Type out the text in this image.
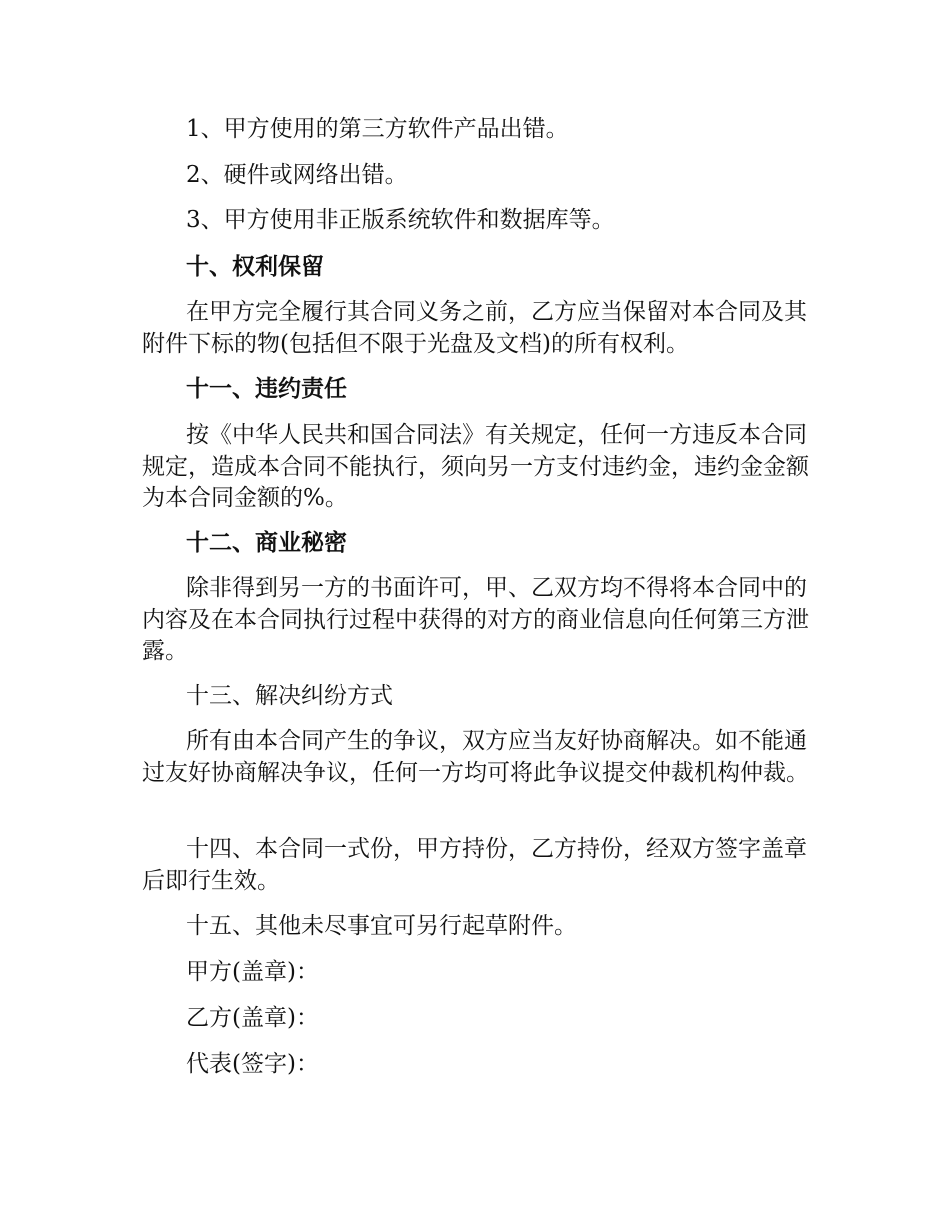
1、甲方使用的第三方软件产品出错。

2、硬件或网络出错。

3、甲方使用非正版系统软件和数据库等。

十、权利保留

在甲方完全履行其合同义务之前，乙方应当保留对本合同及其附件下标的物(包括但不限于光盘及文档)的所有权利。

十一、违约责任

按《中华人民共和国合同法》有关规定，任何一方违反本合同规定，造成本合同不能执行，须向另一方支付违约金，违约金金额为本合同金额的%。

十二、商业秘密

除非得到另一方的书面许可，甲、乙双方均不得将本合同中的内容及在本合同执行过程中获得的对方的商业信息向任何第三方泄露。

十三、解决纠纷方式

所有由本合同产生的争议，双方应当友好协商解决。如不能通过友好协商解决争议，任何一方均可将此争议提交仲裁机构仲裁。

十四、本合同一式份，甲方持份，乙方持份，经双方签字盖章后即行生效。

十五、其他未尽事宜可另行起草附件。

甲方(盖章)：

乙方(盖章)：

代表(签字)：
